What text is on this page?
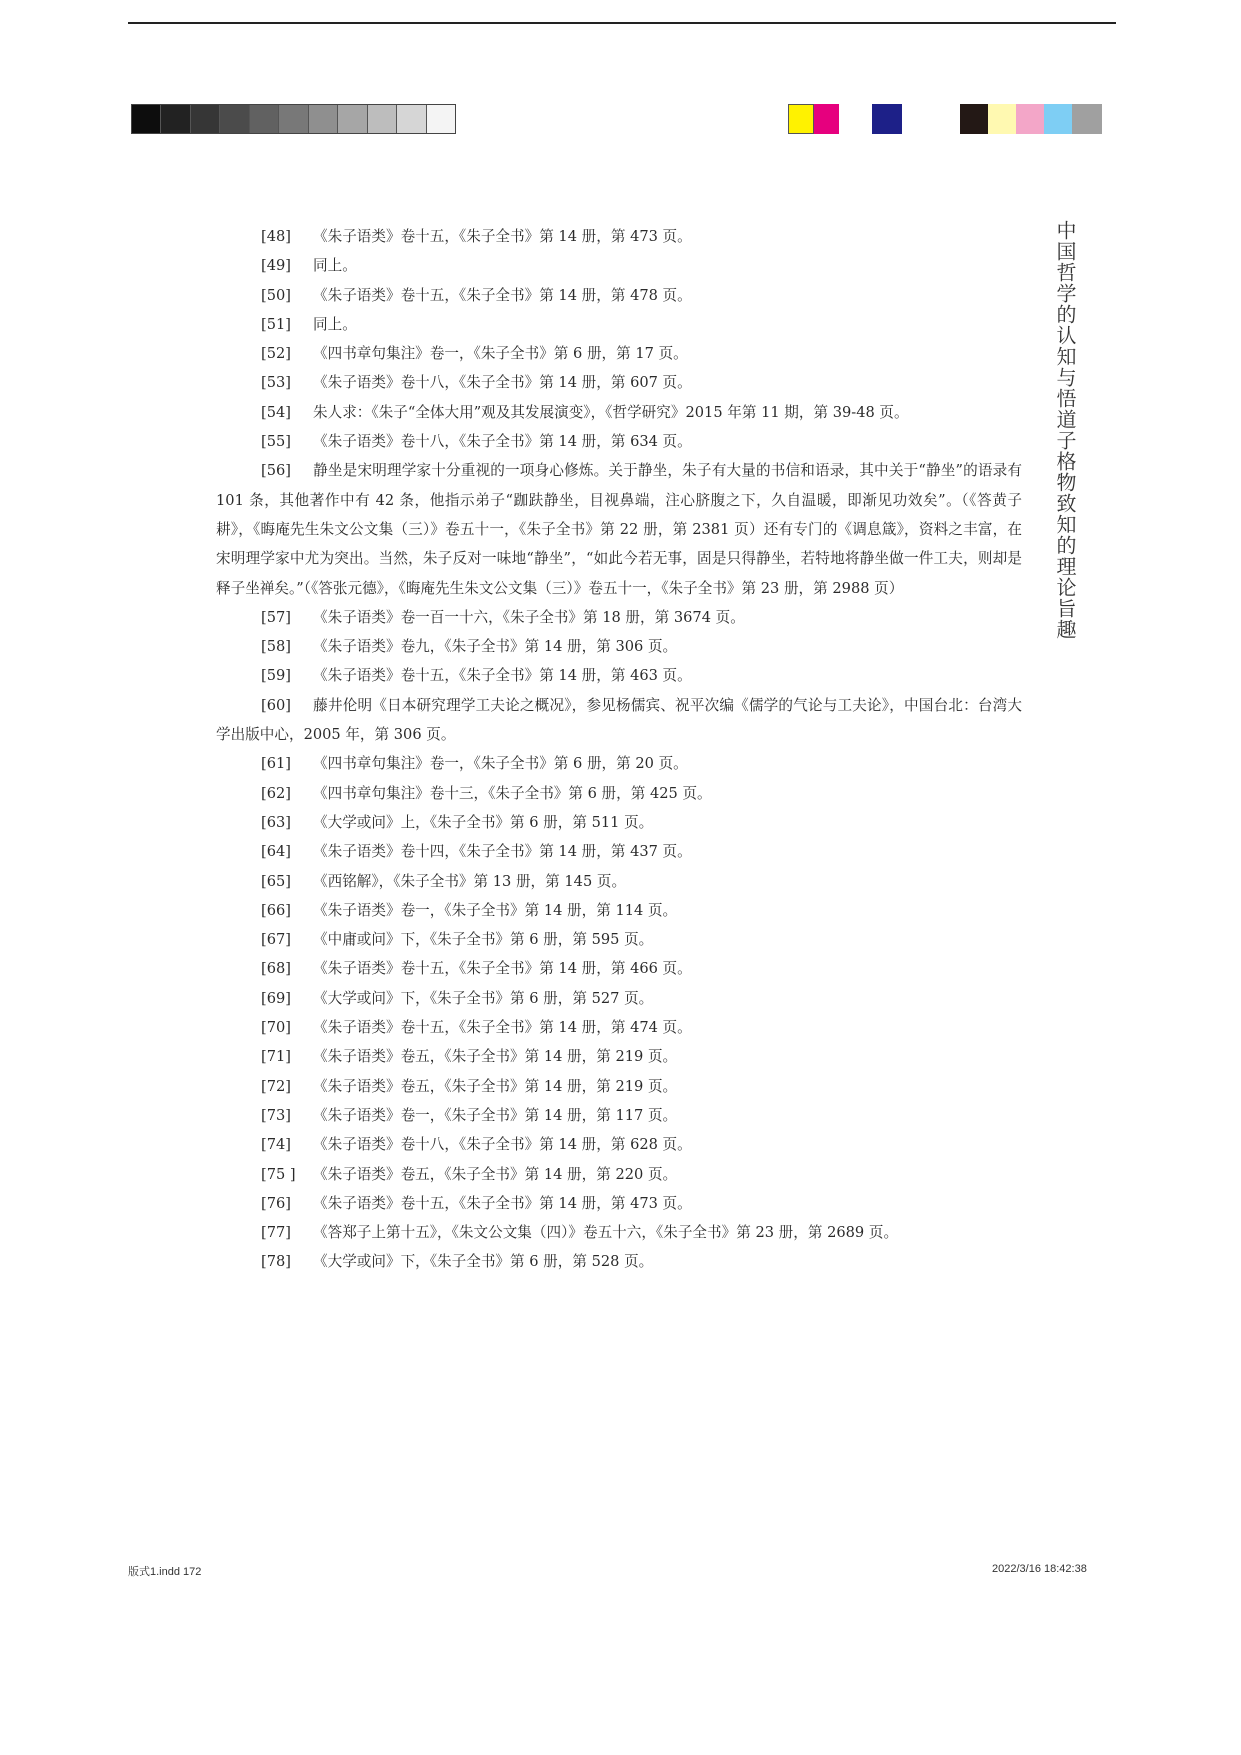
中国哲学的认知与悟道子格物致知的理论旨趣

[48] 《朱子语类》卷十五，《朱子全书》第 14 册，第 473 页。

[49] 同上。

[50] 《朱子语类》卷十五，《朱子全书》第 14 册，第 478 页。

[51] 同上。

[52] 《四书章句集注》卷一，《朱子全书》第 6 册，第 17 页。

[53] 《朱子语类》卷十八，《朱子全书》第 14 册，第 607 页。

[54] 朱人求：《朱子“全体大用”观及其发展演变》，《哲学研究》2015 年第 11 期，第 39-48 页。

[55] 《朱子语类》卷十八，《朱子全书》第 14 册，第 634 页。

[56] 静坐是宋明理学家十分重视的一项身心修炼。关于静坐，朱子有大量的书信和语录，其中关于“静坐”的语录有 101 条，其他著作中有 42 条，他指示弟子“跏趺静坐，目视鼻端，注心脐腹之下，久自温暖，即渐见功效矣”。（《答黄子耕》，《晦庵先生朱文公文集（三）》卷五十一，《朱子全书》第 22 册，第 2381 页）还有专门的《调息箴》，资料之丰富，在宋明理学家中尤为突出。当然，朱子反对一味地“静坐”，“如此今若无事，固是只得静坐，若特地将静坐做一件工夫，则却是释子坐禅矣。”（《答张元德》，《晦庵先生朱文公文集（三）》卷五十一，《朱子全书》第 23 册，第 2988 页）

[57] 《朱子语类》卷一百一十六，《朱子全书》第 18 册，第 3674 页。

[58] 《朱子语类》卷九，《朱子全书》第 14 册，第 306 页。

[59] 《朱子语类》卷十五，《朱子全书》第 14 册，第 463 页。

[60] 藤井伦明《日本研究理学工夫论之概况》，参见杨儒宾、祝平次编《儒学的气论与工夫论》，中国台北：台湾大学出版中心，2005 年，第 306 页。

[61] 《四书章句集注》卷一，《朱子全书》第 6 册，第 20 页。

[62] 《四书章句集注》卷十三，《朱子全书》第 6 册，第 425 页。

[63] 《大学或问》上，《朱子全书》第 6 册，第 511 页。

[64] 《朱子语类》卷十四，《朱子全书》第 14 册，第 437 页。

[65] 《西铭解》，《朱子全书》第 13 册，第 145 页。

[66] 《朱子语类》卷一，《朱子全书》第 14 册，第 114 页。

[67] 《中庸或问》下，《朱子全书》第 6 册，第 595 页。

[68] 《朱子语类》卷十五，《朱子全书》第 14 册，第 466 页。

[69] 《大学或问》下，《朱子全书》第 6 册，第 527 页。

[70] 《朱子语类》卷十五，《朱子全书》第 14 册，第 474 页。

[71] 《朱子语类》卷五，《朱子全书》第 14 册，第 219 页。

[72] 《朱子语类》卷五，《朱子全书》第 14 册，第 219 页。

[73] 《朱子语类》卷一，《朱子全书》第 14 册，第 117 页。

[74] 《朱子语类》卷十八，《朱子全书》第 14 册，第 628 页。

[75 ] 《朱子语类》卷五，《朱子全书》第 14 册，第 220 页。

[76] 《朱子语类》卷十五，《朱子全书》第 14 册，第 473 页。

[77] 《答郑子上第十五》，《朱文公文集（四）》卷五十六，《朱子全书》第 23 册，第 2689 页。

[78] 《大学或问》下，《朱子全书》第 6 册，第 528 页。

版式1.indd 172	2022/3/16 18:42:38
